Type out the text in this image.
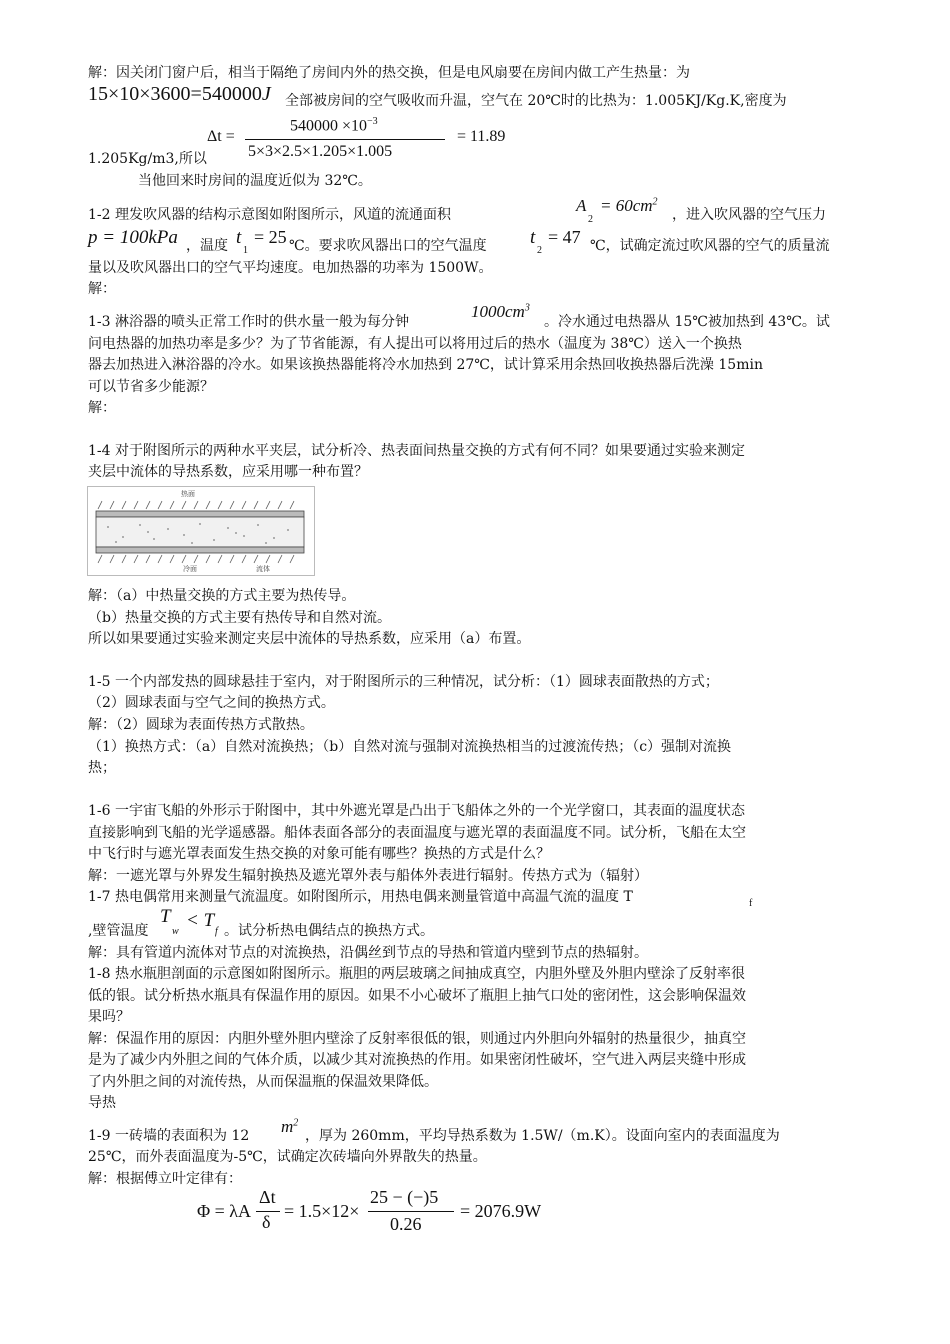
解：因关闭门窗户后，相当于隔绝了房间内外的热交换，但是电风扇要在房间内做工产生热量：为
15×10×3600=540000J 全部被房间的空气吸收而升温，空气在 20℃时的比热为：1.005KJ/Kg.K,密度为
$540000 \times 10^{-3}$
Δt =
5×3×2.5×1.205×1.005
= 11.89
1.205Kg/m3,所以
当他回来时房间的温度近似为 32℃。
1-2 理发吹风器的结构示意图如附图所示，风道的流通面积	A
2
= $60cm^2$
，进入吹风器的空气压力
p = 100kPa ，温度 t
1
= 25 ℃。要求吹风器出口的空气温度 t
2
= 47 ℃，试确定流过吹风器的空气的质量流
量以及吹风器出口的空气平均速度。电加热器的功率为 1500W。
解：
1-3 淋浴器的喷头正常工作时的供水量一般为每分钟
$1000cm^3$
。冷水通过电热器从 15℃被加热到 43℃。试
问电热器的加热功率是多少？为了节省能源，有人提出可以将用过后的热水（温度为 38℃）送入一个换热
器去加热进入淋浴器的冷水。如果该换热器能将冷水加热到 27℃，试计算采用余热回收换热器后洗澡 15min
可以节省多少能源？
解：
1-4 对于附图所示的两种水平夹层，试分析冷、热表面间热量交换的方式有何不同？如果要通过实验来测定
夹层中流体的导热系数，应采用哪一种布置？
热面
冷面	流体
解：（a）中热量交换的方式主要为热传导。
（b）热量交换的方式主要有热传导和自然对流。
所以如果要通过实验来测定夹层中流体的导热系数，应采用（a）布置。
1-5 一个内部发热的圆球悬挂于室内，对于附图所示的三种情况，试分析：（1）圆球表面散热的方式；
（2）圆球表面与空气之间的换热方式。
解：（2）圆球为表面传热方式散热。
（1）换热方式：（a）自然对流换热；（b）自然对流与强制对流换热相当的过渡流传热；（c）强制对流换
热；
1-6 一宇宙飞船的外形示于附图中，其中外遮光罩是凸出于飞船体之外的一个光学窗口，其表面的温度状态
直接影响到飞船的光学遥感器。船体表面各部分的表面温度与遮光罩的表面温度不同。试分析，飞船在太空
中飞行时与遮光罩表面发生热交换的对象可能有哪些？换热的方式是什么？
解：一遮光罩与外界发生辐射换热及遮光罩外表与船体外表进行辐射。传热方式为（辐射）
1-7 热电偶常用来测量气流温度。如附图所示，用热电偶来测量管道中高温气流的温度 T	f
,壁管温度
T
w
< T
f 。试分析热电偶结点的换热方式。
解：具有管道内流体对节点的对流换热，沿偶丝到节点的导热和管道内壁到节点的热辐射。
1-8 热水瓶胆剖面的示意图如附图所示。瓶胆的两层玻璃之间抽成真空，内胆外壁及外胆内壁涂了反射率很
低的银。试分析热水瓶具有保温作用的原因。如果不小心破坏了瓶胆上抽气口处的密闭性，这会影响保温效
果吗？
解：保温作用的原因：内胆外壁外胆内壁涂了反射率很低的银，则通过内外胆向外辐射的热量很少，抽真空
是为了减少内外胆之间的气体介质，以减少其对流换热的作用。如果密闭性破坏，空气进入两层夹缝中形成
了内外胆之间的对流传热，从而保温瓶的保温效果降低。
导热
1-9 一砖墙的表面积为 12 $m^2$
，厚为 260mm，平均导热系数为 1.5W/（m.K）。设面向室内的表面温度为
25℃，而外表面温度为-5℃，试确定次砖墙向外界散失的热量。
解：根据傅立叶定律有：
Φ = λA
Δt
δ
= 1.5×12×
25 − (−)5
0.26
= 2076.9W
